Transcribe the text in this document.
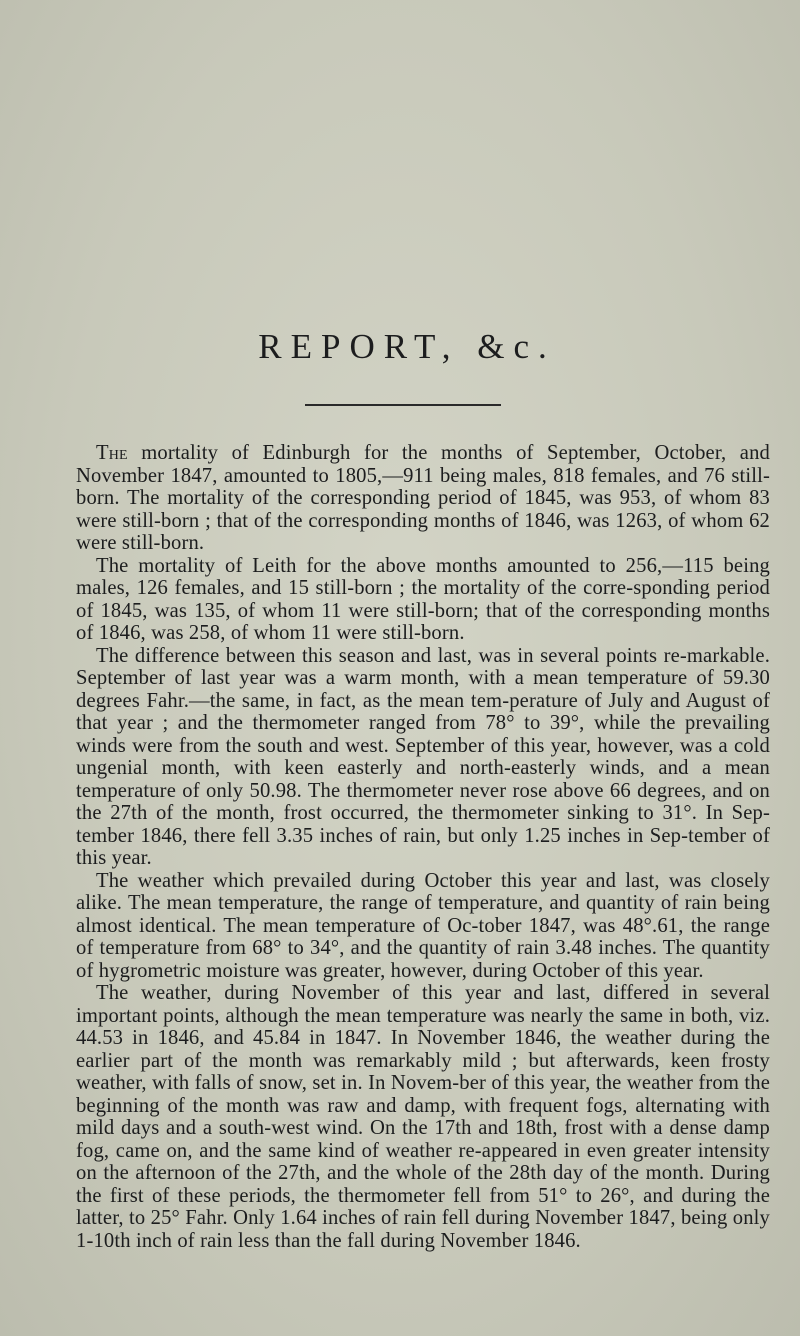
REPORT, &c.

The mortality of Edinburgh for the months of September, October, and November 1847, amounted to 1805,—911 being males, 818 females, and 76 still-born. The mortality of the corresponding period of 1845, was 953, of whom 83 were still-born ; that of the corresponding months of 1846, was 1263, of whom 62 were still-born.

The mortality of Leith for the above months amounted to 256,—115 being males, 126 females, and 15 still-born ; the mortality of the corre-sponding period of 1845, was 135, of whom 11 were still-born; that of the corresponding months of 1846, was 258, of whom 11 were still-born.

The difference between this season and last, was in several points re-markable. September of last year was a warm month, with a mean temperature of 59.30 degrees Fahr.—the same, in fact, as the mean tem-perature of July and August of that year ; and the thermometer ranged from 78° to 39°, while the prevailing winds were from the south and west. September of this year, however, was a cold ungenial month, with keen easterly and north-easterly winds, and a mean temperature of only 50.98. The thermometer never rose above 66 degrees, and on the 27th of the month, frost occurred, the thermometer sinking to 31°. In Sep-tember 1846, there fell 3.35 inches of rain, but only 1.25 inches in Sep-tember of this year.

The weather which prevailed during October this year and last, was closely alike. The mean temperature, the range of temperature, and quantity of rain being almost identical. The mean temperature of Oc-tober 1847, was 48°.61, the range of temperature from 68° to 34°, and the quantity of rain 3.48 inches. The quantity of hygrometric moisture was greater, however, during October of this year.

The weather, during November of this year and last, differed in several important points, although the mean temperature was nearly the same in both, viz. 44.53 in 1846, and 45.84 in 1847. In November 1846, the weather during the earlier part of the month was remarkably mild ; but afterwards, keen frosty weather, with falls of snow, set in. In Novem-ber of this year, the weather from the beginning of the month was raw and damp, with frequent fogs, alternating with mild days and a south-west wind. On the 17th and 18th, frost with a dense damp fog, came on, and the same kind of weather re-appeared in even greater intensity on the afternoon of the 27th, and the whole of the 28th day of the month. During the first of these periods, the thermometer fell from 51° to 26°, and during the latter, to 25° Fahr. Only 1.64 inches of rain fell during November 1847, being only 1-10th inch of rain less than the fall during November 1846.
